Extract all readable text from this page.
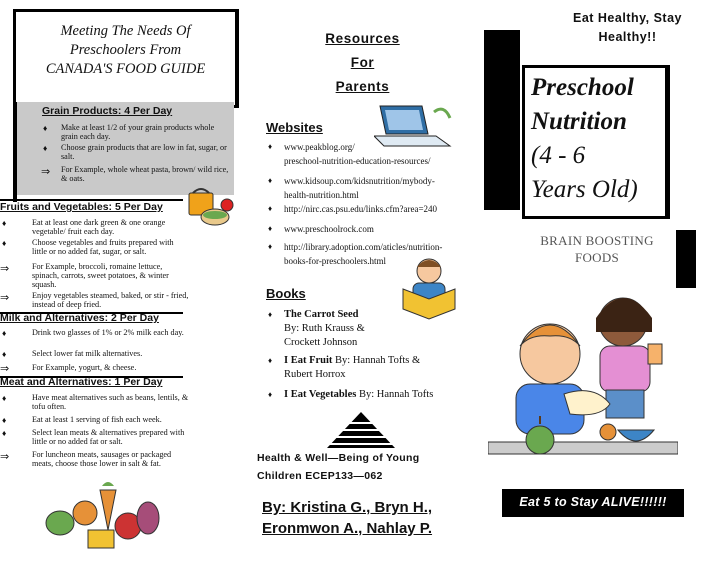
Meeting The Needs Of
Preschoolers From
CANADA'S FOOD GUIDE
Grain Products: 4 Per Day
♦ Make at least 1/2 of your grain products whole grain each day.
♦ Choose grain products that are low in fat, sugar, or salt.
⇒ For Example, whole wheat pasta, brown/ wild rice, & oats.
Fruits and Vegetables: 5 Per Day
♦	Eat at least one dark green & one orange vegetable/ fruit each day.
♦	Choose vegetables and fruits prepared with little or no added fat, sugar, or salt.
⇒	For Example, broccoli, romaine lettuce, spinach, carrots, sweet potatoes, & winter squash.
⇒	Enjoy vegetables steamed, baked, or stir - fried, instead of deep fried.
Milk and Alternatives: 2 Per Day
♦	Drink two glasses of 1% or 2% milk each day.
♦	Select lower fat milk alternatives.
⇒	For Example, yogurt, & cheese.
Meat and Alternatives: 1 Per Day
♦	Have meat alternatives such as beans, lentils, & tofu often.
♦	Eat at least 1 serving of fish each week.
♦	Select lean meats & alternatives prepared with little or no added fat or salt.
⇒	For luncheon meats, sausages or packaged meats, choose those lower in salt & fat.
Resources
For
Parents
Websites
♦ www.peakblog.org/
preschool-nutrition-education-resources/
♦ www.kidsoup.com/kidsnutrition/mybody-
health-nutrition.html
♦ http://nirc.cas.psu.edu/links.cfm?area=240
♦ www.preschoolrock.com
♦ http://library.adoption.com/aticles/nutrition-
books-for-preschoolers.html
Books
♦ The Carrot Seed
By: Ruth Krauss &
Crockett Johnson
♦ I Eat Fruit By: Hannah Tofts &
Rubert Horrox
♦ I Eat Vegetables By: Hannah Tofts
Health & Well—Being of Young
Children ECEP133—062
By: Kristina G., Bryn H.,
Eronmwon A., Nahlay P.
Eat Healthy, Stay
Healthy!!
Preschool
Nutrition
(4 - 6
Years Old)
BRAIN BOOSTING
FOODS
Eat 5 to Stay ALIVE!!!!!!
